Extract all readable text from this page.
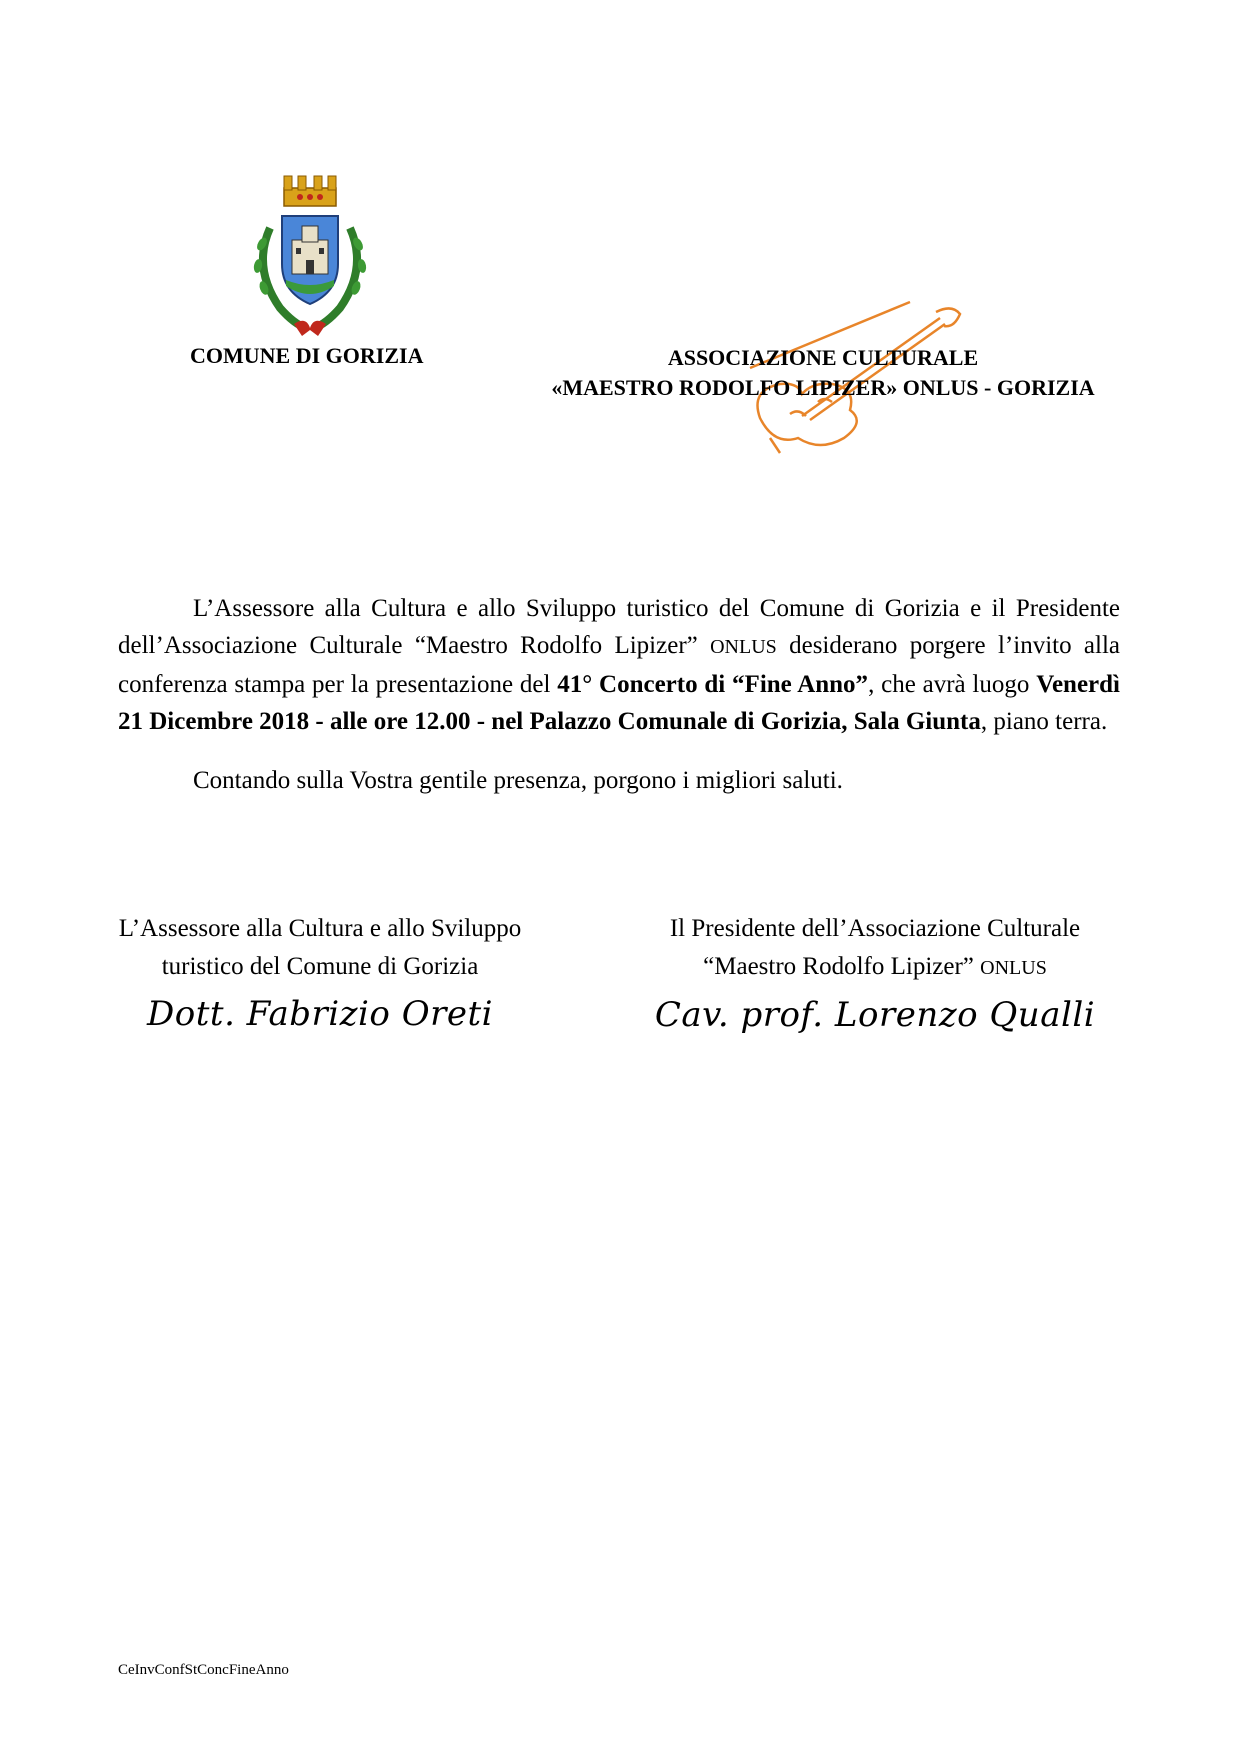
COMUNE DI GORIZIA	ASSOCIAZIONE CULTURALE
«MAESTRO RODOLFO LIPIZER» ONLUS - GORIZIA

L’Assessore alla Cultura e allo Sviluppo turistico del Comune di Gorizia e il Presidente dell’Associazione Culturale “Maestro Rodolfo Lipizer” ONLUS desiderano porgere l’invito alla conferenza stampa per la presentazione del 41° Concerto di “Fine Anno”, che avrà luogo Venerdì 21 Dicembre 2018 - alle ore 12.00 - nel Palazzo Comunale di Gorizia, Sala Giunta, piano terra.

Contando sulla Vostra gentile presenza, porgono i migliori saluti.

L’Assessore alla Cultura e allo Sviluppo
turistico del Comune di Gorizia
Dott. Fabrizio Oreti
Il Presidente dell’Associazione Culturale
“Maestro Rodolfo Lipizer” ONLUS
Cav. prof. Lorenzo Qualli
CeInvConfStConcFineAnno
